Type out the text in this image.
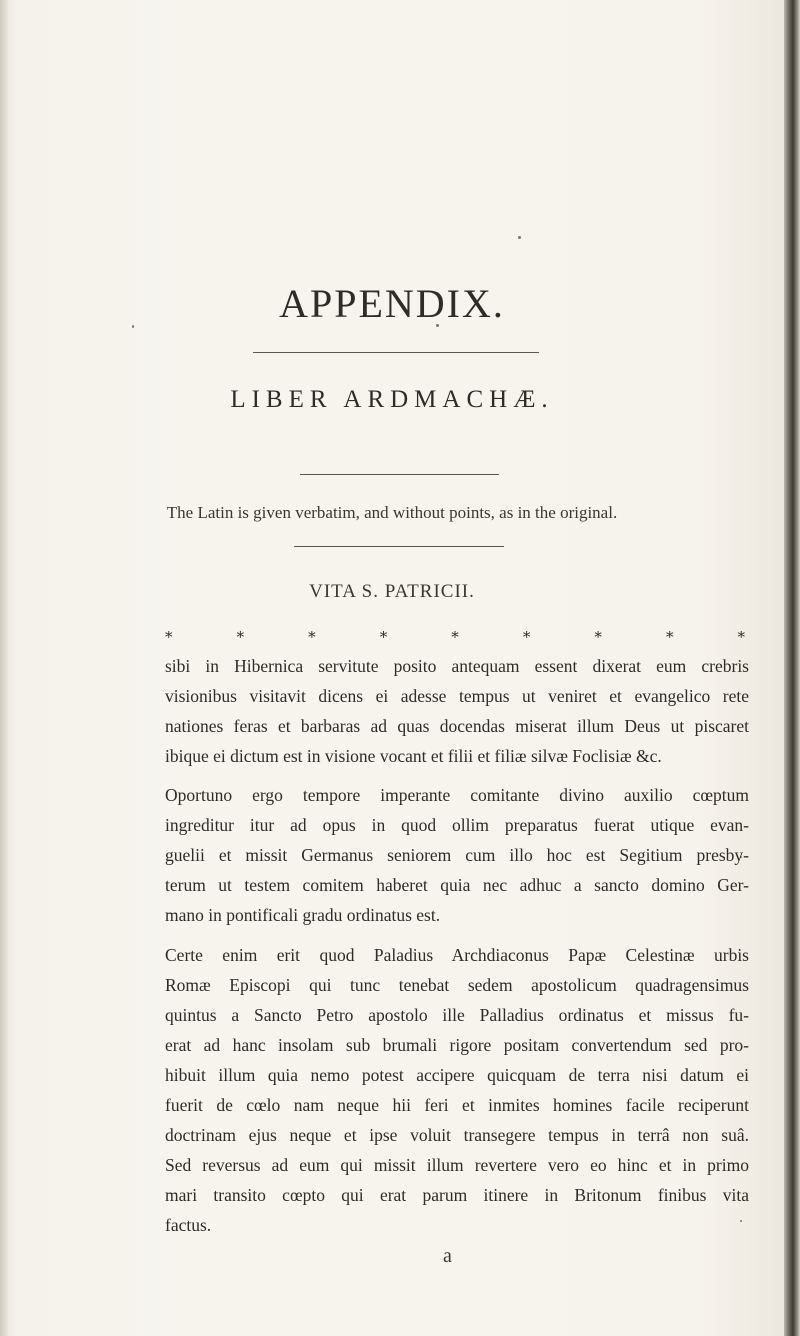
APPENDIX.
LIBER ARDMACHÆ.
The Latin is given verbatim, and without points, as in the original.
VITA S. PATRICII.
*	*	*	*	*	*	*	*	*
sibi in Hibernica servitute posito antequam essent dixerat eum crebris
visionibus visitavit dicens ei adesse tempus ut veniret et evangelico rete
nationes feras et barbaras ad quas docendas miserat illum Deus ut piscaret
ibique ei dictum est in visione vocant et filii et filiæ silvæ Foclisiæ &c.
Oportuno ergo tempore imperante comitante divino auxilio cœptum
ingreditur itur ad opus in quod ollim preparatus fuerat utique evan-
guelii et missit Germanus seniorem cum illo hoc est Segitium presby-
terum ut testem comitem haberet quia nec adhuc a sancto domino Ger-
mano in pontificali gradu ordinatus est.
Certe enim erit quod Paladius Archdiaconus Papæ Celestinæ urbis
Romæ Episcopi qui tunc tenebat sedem apostolicum quadragensimus
quintus a Sancto Petro apostolo ille Palladius ordinatus et missus fu-
erat ad hanc insolam sub brumali rigore positam convertendum sed pro-
hibuit illum quia nemo potest accipere quicquam de terra nisi datum ei
fuerit de cœlo nam neque hii feri et inmites homines facile reciperunt
doctrinam ejus neque et ipse voluit transegere tempus in terrâ non suâ.
Sed reversus ad eum qui missit illum revertere vero eo hinc et in primo
mari transito cœpto qui erat parum itinere in Britonum finibus vita
factus.
a
